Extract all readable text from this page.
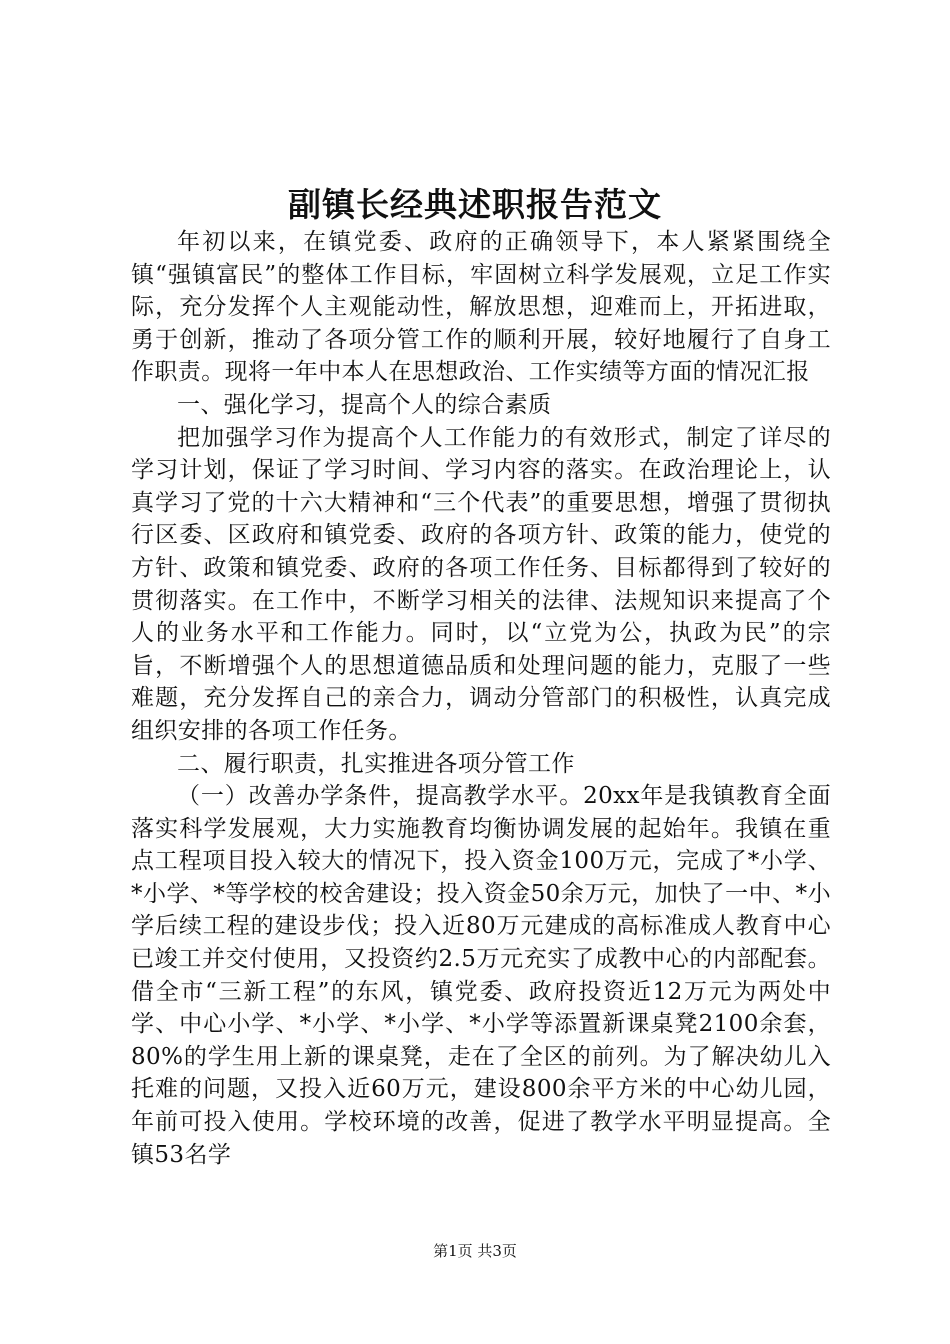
副镇长经典述职报告范文

年初以来，在镇党委、政府的正确领导下，本人紧紧围绕全镇“强镇富民”的整体工作目标，牢固树立科学发展观，立足工作实际，充分发挥个人主观能动性，解放思想，迎难而上，开拓进取，勇于创新，推动了各项分管工作的顺利开展，较好地履行了自身工作职责。现将一年中本人在思想政治、工作实绩等方面的情况汇报

一、强化学习，提高个人的综合素质

把加强学习作为提高个人工作能力的有效形式，制定了详尽的学习计划，保证了学习时间、学习内容的落实。在政治理论上，认真学习了党的十六大精神和“三个代表”的重要思想，增强了贯彻执行区委、区政府和镇党委、政府的各项方针、政策的能力，使党的方针、政策和镇党委、政府的各项工作任务、目标都得到了较好的贯彻落实。在工作中，不断学习相关的法律、法规知识来提高了个人的业务水平和工作能力。同时，以“立党为公，执政为民”的宗旨，不断增强个人的思想道德品质和处理问题的能力，克服了一些难题，充分发挥自己的亲合力，调动分管部门的积极性，认真完成组织安排的各项工作任务。

二、履行职责，扎实推进各项分管工作

（一）改善办学条件，提高教学水平。20xx年是我镇教育全面落实科学发展观，大力实施教育均衡协调发展的起始年。我镇在重点工程项目投入较大的情况下，投入资金100万元，完成了*小学、*小学、*等学校的校舍建设；投入资金50余万元，加快了一中、*小学后续工程的建设步伐；投入近80万元建成的高标准成人教育中心已竣工并交付使用，又投资约2.5万元充实了成教中心的内部配套。借全市“三新工程”的东风，镇党委、政府投资近12万元为两处中学、中心小学、*小学、*小学、*小学等添置新课桌凳2100余套，80%的学生用上新的课桌凳，走在了全区的前列。为了解决幼儿入托难的问题，又投入近60万元，建设800余平方米的中心幼儿园，年前可投入使用。学校环境的改善，促进了教学水平明显提高。全镇53名学

第1页 共3页
